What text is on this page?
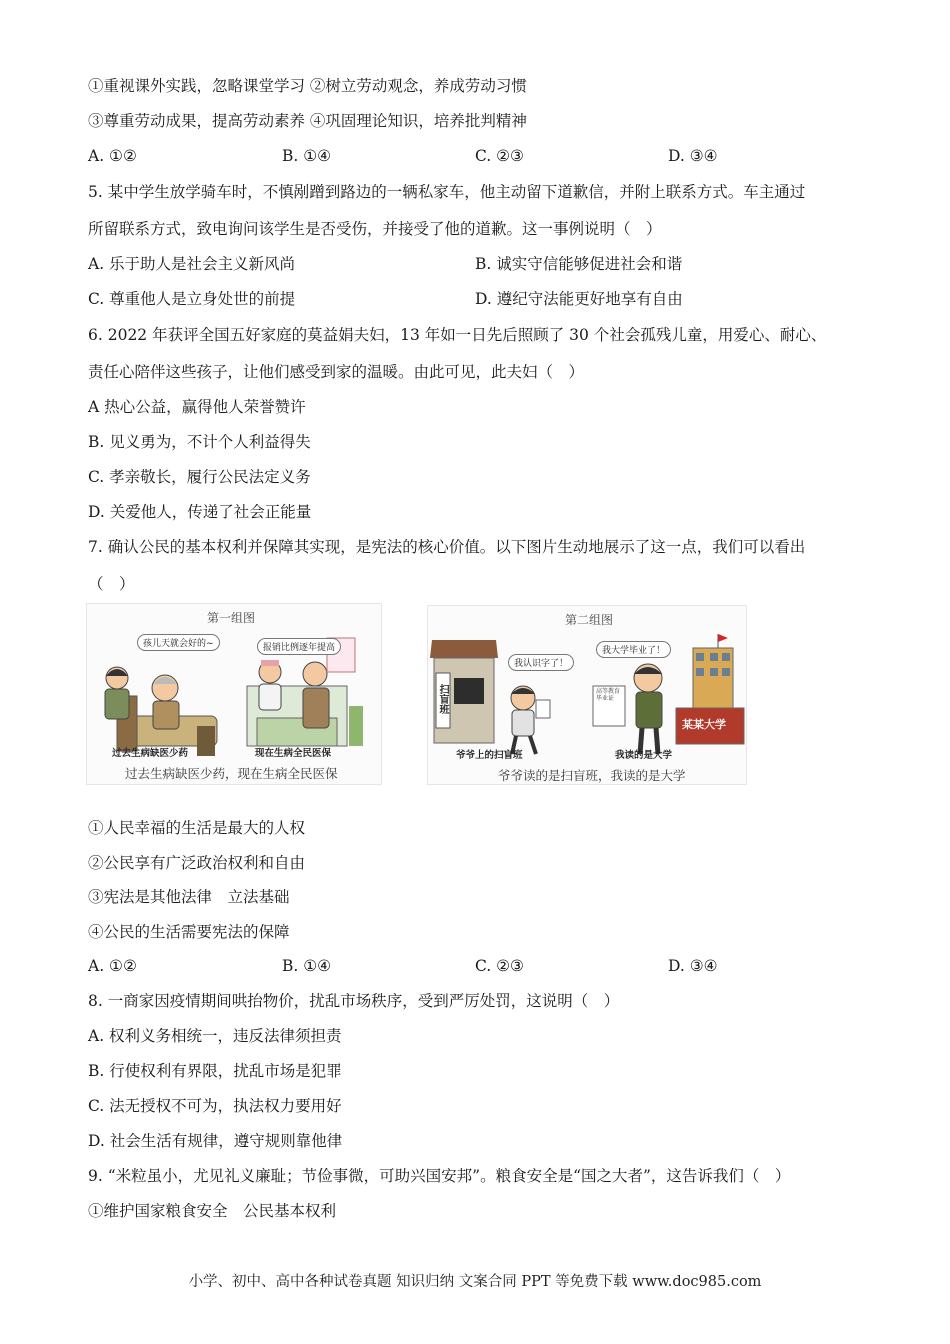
①重视课外实践，忽略课堂学习 ②树立劳动观念，养成劳动习惯
③尊重劳动成果，提高劳动素养 ④巩固理论知识，培养批判精神
A. ①②	B. ①④	C. ②③	D. ③④
5. 某中学生放学骑车时，不慎剐蹭到路边的一辆私家车，他主动留下道歉信，并附上联系方式。车主通过
所留联系方式，致电询问该学生是否受伤，并接受了他的道歉。这一事例说明（　）
A. 乐于助人是社会主义新风尚	B. 诚实守信能够促进社会和谐
C. 尊重他人是立身处世的前提	D. 遵纪守法能更好地享有自由
6. 2022 年获评全国五好家庭的莫益娟夫妇，13 年如一日先后照顾了 30 个社会孤残儿童，用爱心、耐心、
责任心陪伴这些孩子，让他们感受到家的温暖。由此可见，此夫妇（　）
A 热心公益，赢得他人荣誉赞许
B. 见义勇为，不计个人利益得失
C. 孝亲敬长，履行公民法定义务
D. 关爱他人，传递了社会正能量
7. 确认公民的基本权利并保障其实现，是宪法的核心价值。以下图片生动地展示了这一点，我们可以看出
（　）
第一组图
孩儿天就会好的~	报销比例逐年提高
过去生病缺医少药	现在生病全民医保
过去生病缺医少药，现在生病全民医保
第二组图
扫盲班
我认识字了！
我大学毕业了！
高等教育毕业证
某某大学
爷爷上的扫盲班	我读的是大学
爷爷读的是扫盲班，我读的是大学
①人民幸福的生活是最大的人权
②公民享有广泛政治权利和自由
③宪法是其他法律　立法基础
④公民的生活需要宪法的保障
A. ①②	B. ①④	C. ②③	D. ③④
8. 一商家因疫情期间哄抬物价，扰乱市场秩序，受到严厉处罚，这说明（　）
A. 权利义务相统一，违反法律须担责
B. 行使权利有界限，扰乱市场是犯罪
C. 法无授权不可为，执法权力要用好
D. 社会生活有规律，遵守规则靠他律
9. “米粒虽小，尤见礼义廉耻；节俭事微，可助兴国安邦”。粮食安全是“国之大者”，这告诉我们（　）
①维护国家粮食安全　公民基本权利
小学、初中、高中各种试卷真题 知识归纳 文案合同 PPT 等免费下载 www.doc985.com
